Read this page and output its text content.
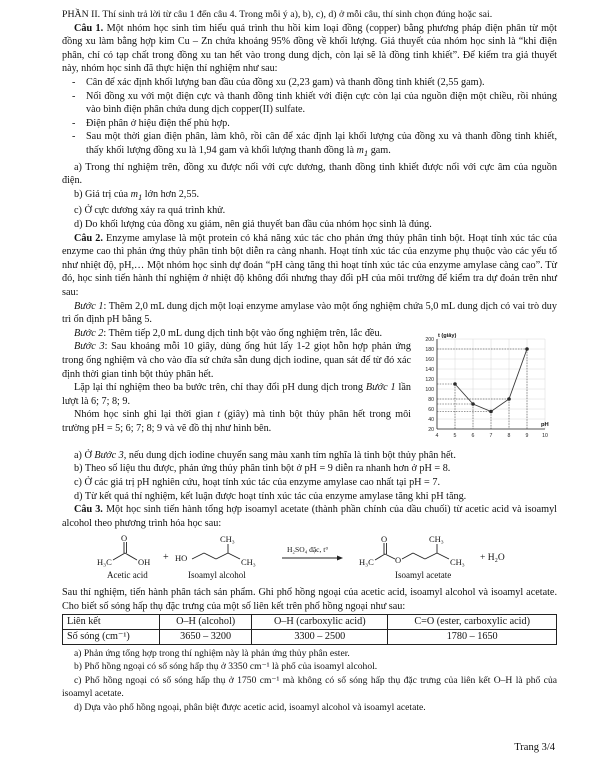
PHẦN II. Thí sinh trả lời từ câu 1 đến câu 4. Trong mỗi ý a), b), c), d) ở mỗi câu, thí sinh chọn đúng hoặc sai.

Câu 1. Một nhóm học sinh tìm hiểu quá trình thu hồi kim loại đồng (copper) bằng phương pháp điện phân từ một đồng xu làm bằng hợp kim Cu – Zn chứa khoảng 95% đồng về khối lượng. Giả thuyết của nhóm học sinh là “khi điện phân, chỉ có tạp chất trong đồng xu tan hết vào trong dung dịch, còn lại sẽ là đồng tinh khiết”. Để kiểm tra giả thuyết này, nhóm học sinh đã thực hiện thí nghiệm như sau:

-	Cân để xác định khối lượng ban đầu của đồng xu (2,23 gam) và thanh đồng tinh khiết (2,55 gam).
-	Nối đồng xu với một điện cực và thanh đồng tinh khiết với điện cực còn lại của nguồn điện một chiều, rồi nhúng vào bình điện phân chứa dung dịch copper(II) sulfate.
-	Điện phân ở hiệu điện thế phù hợp.
-	Sau một thời gian điện phân, làm khô, rồi cân để xác định lại khối lượng của đồng xu và thanh đồng tinh khiết, thấy khối lượng đồng xu là 1,94 gam và khối lượng thanh đồng là $m_1$ gam.

a) Trong thí nghiệm trên, đồng xu được nối với cực dương, thanh đồng tinh khiết được nối với cực âm của nguồn điện.

b) Giá trị của $m_1$ lớn hơn 2,55.

c) Ở cực dương xảy ra quá trình khử.

d) Do khối lượng của đồng xu giảm, nên giả thuyết ban đầu của nhóm học sinh là đúng.

Câu 2. Enzyme amylase là một protein có khả năng xúc tác cho phản ứng thủy phân tinh bột. Hoạt tính xúc tác của enzyme cao thì phản ứng thủy phân tinh bột diễn ra càng nhanh. Hoạt tính xúc tác của enzyme phụ thuộc vào các yếu tố như nhiệt độ, pH,… Một nhóm học sinh dự đoán “pH càng tăng thì hoạt tính xúc tác của enzyme amylase càng cao”. Từ đó, học sinh tiến hành thí nghiệm ở nhiệt độ không đổi nhưng thay đổi pH của môi trường để kiểm tra dự đoán trên như sau:

Bước 1: Thêm 2,0 mL dung dịch một loại enzyme amylase vào một ống nghiệm chứa 5,0 mL dung dịch có vai trò duy trì ổn định pH bằng 5.

20
40
60
80
100
120
140
160
180
200
4	5	6	7	8	9	10
t (giây)
pH

Bước 2: Thêm tiếp 2,0 mL dung dịch tinh bột vào ống nghiệm trên, lắc đều.

Bước 3: Sau khoảng mỗi 10 giây, dùng ống hút lấy 1-2 giọt hỗn hợp phản ứng trong ống nghiệm và cho vào đĩa sứ chứa sẵn dung dịch iodine, quan sát để từ đó xác định thời gian tinh bột thủy phân hết.

Lặp lại thí nghiệm theo ba bước trên, chỉ thay đổi pH dung dịch trong Bước 1 lần lượt là 6; 7; 8; 9.

Nhóm học sinh ghi lại thời gian t (giây) mà tinh bột thủy phân hết trong môi trường pH = 5; 6; 7; 8; 9 và vẽ đồ thị như hình bên.

a) Ở Bước 3, nếu dung dịch iodine chuyển sang màu xanh tím nghĩa là tinh bột thủy phân hết.

b) Theo số liệu thu được, phản ứng thủy phân tinh bột ở pH = 9 diễn ra nhanh hơn ở pH = 8.

c) Ở các giá trị pH nghiên cứu, hoạt tính xúc tác của enzyme amylase cao nhất tại pH = 7.

d) Từ kết quả thí nghiệm, kết luận được hoạt tính xúc tác của enzyme amylase tăng khi pH tăng.

Câu 3. Một học sinh tiến hành tổng hợp isoamyl acetate (thành phần chính của dầu chuối) từ acetic acid và isoamyl alcohol theo phương trình hóa học sau:

O
H₃C	OH	HO
CH₃
CH₃
O
H₃C O
CH₃
CH₃
+
H₂SO₄ đặc, t°
+ H₂O
Acetic acid	Isoamyl alcohol	Isoamyl acetate

Sau thí nghiệm, tiến hành phân tách sản phẩm. Ghi phổ hồng ngoại của acetic acid, isoamyl alcohol và isoamyl acetate. Cho biết số sóng hấp thụ đặc trưng của một số liên kết trên phổ hồng ngoại như sau:

Liên kết	O–H (alcohol)	O–H (carboxylic acid)	C=O (ester, carboxylic acid)
Số sóng (cm⁻¹)	3650 – 3200	3300 – 2500	1780 – 1650

a) Phản ứng tổng hợp trong thí nghiệm này là phản ứng thủy phân ester.

b) Phổ hồng ngoại có số sóng hấp thụ ở 3350 cm⁻¹ là phổ của isoamyl alcohol.

c) Phổ hồng ngoại có số sóng hấp thụ ở 1750 cm⁻¹ mà không có số sóng hấp thụ đặc trưng của liên kết O–H là phổ của isoamyl acetate.

d) Dựa vào phổ hồng ngoại, phân biệt được acetic acid, isoamyl alcohol và isoamyl acetate.

Trang 3/4
